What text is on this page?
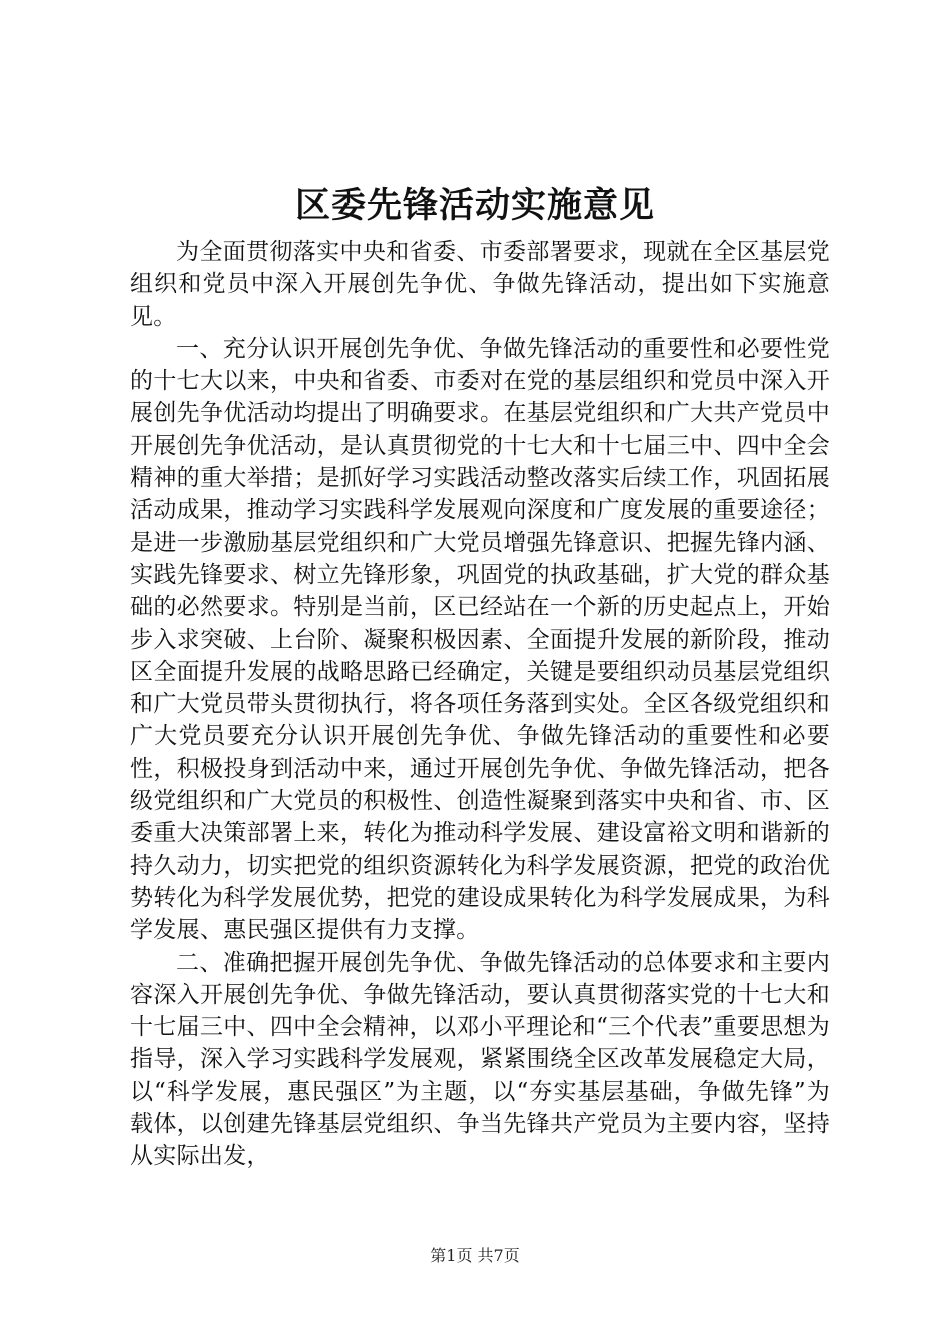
区委先锋活动实施意见

为全面贯彻落实中央和省委、市委部署要求，现就在全区基层党组织和党员中深入开展创先争优、争做先锋活动，提出如下实施意见。

一、充分认识开展创先争优、争做先锋活动的重要性和必要性党的十七大以来，中央和省委、市委对在党的基层组织和党员中深入开展创先争优活动均提出了明确要求。在基层党组织和广大共产党员中开展创先争优活动，是认真贯彻党的十七大和十七届三中、四中全会精神的重大举措；是抓好学习实践活动整改落实后续工作，巩固拓展活动成果，推动学习实践科学发展观向深度和广度发展的重要途径；是进一步激励基层党组织和广大党员增强先锋意识、把握先锋内涵、实践先锋要求、树立先锋形象，巩固党的执政基础，扩大党的群众基础的必然要求。特别是当前，区已经站在一个新的历史起点上，开始步入求突破、上台阶、凝聚积极因素、全面提升发展的新阶段，推动区全面提升发展的战略思路已经确定，关键是要组织动员基层党组织和广大党员带头贯彻执行，将各项任务落到实处。全区各级党组织和广大党员要充分认识开展创先争优、争做先锋活动的重要性和必要性，积极投身到活动中来，通过开展创先争优、争做先锋活动，把各级党组织和广大党员的积极性、创造性凝聚到落实中央和省、市、区委重大决策部署上来，转化为推动科学发展、建设富裕文明和谐新的持久动力，切实把党的组织资源转化为科学发展资源，把党的政治优势转化为科学发展优势，把党的建设成果转化为科学发展成果，为科学发展、惠民强区提供有力支撑。

二、准确把握开展创先争优、争做先锋活动的总体要求和主要内容深入开展创先争优、争做先锋活动，要认真贯彻落实党的十七大和十七届三中、四中全会精神，以邓小平理论和“三个代表”重要思想为指导，深入学习实践科学发展观，紧紧围绕全区改革发展稳定大局，以“科学发展，惠民强区”为主题，以“夯实基层基础，争做先锋”为载体，以创建先锋基层党组织、争当先锋共产党员为主要内容，坚持从实际出发，

第1页 共7页
